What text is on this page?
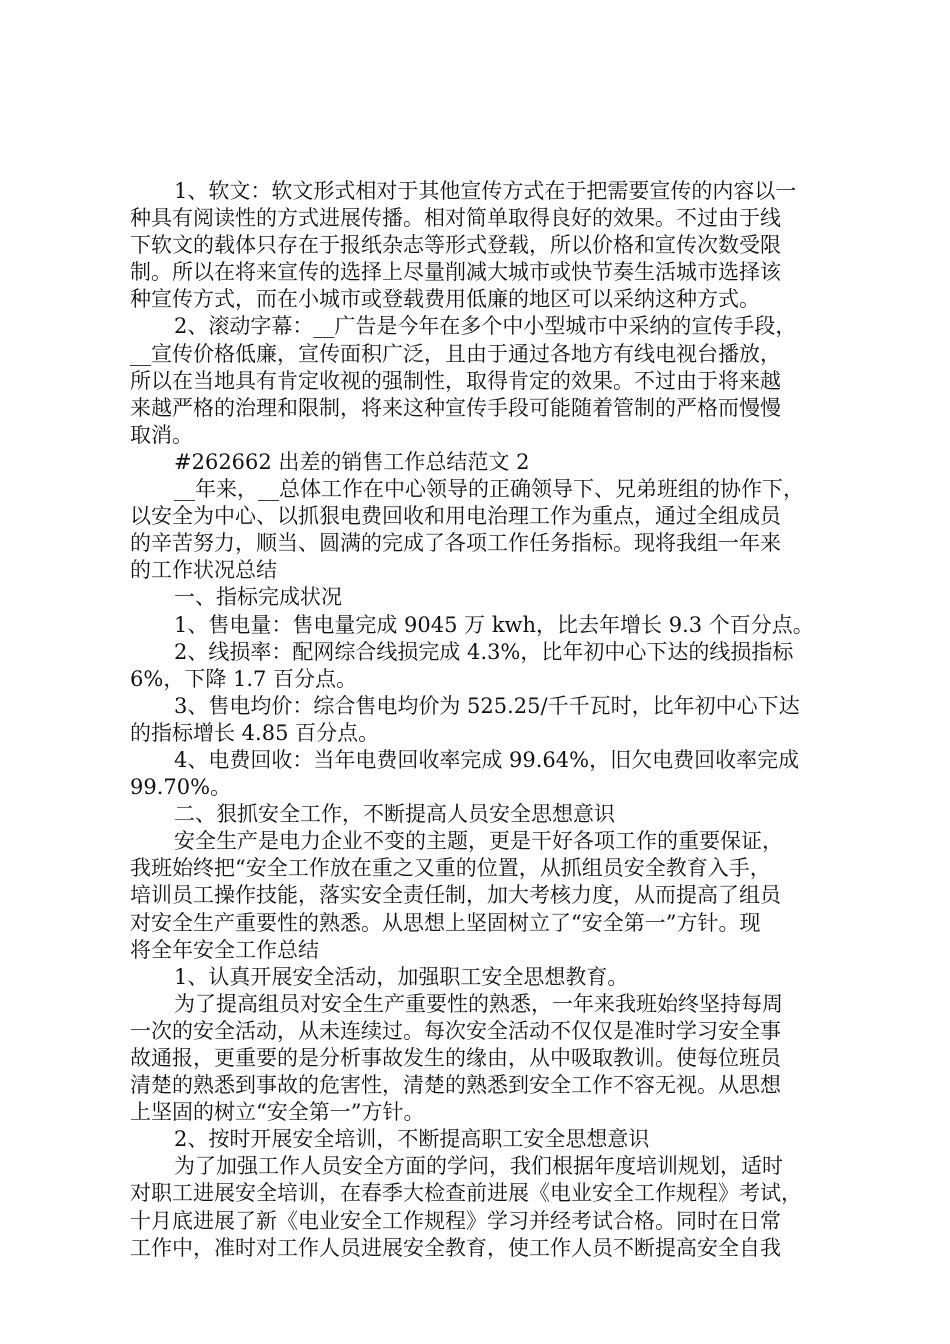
1、软文：软文形式相对于其他宣传方式在于把需要宣传的内容以一
种具有阅读性的方式进展传播。相对简单取得良好的效果。不过由于线
下软文的载体只存在于报纸杂志等形式登载，所以价格和宣传次数受限
制。所以在将来宣传的选择上尽量削减大城市或快节奏生活城市选择该
种宣传方式，而在小城市或登载费用低廉的地区可以采纳这种方式。
2、滚动字幕：__广告是今年在多个中小型城市中采纳的宣传手段，
__宣传价格低廉，宣传面积广泛，且由于通过各地方有线电视台播放，
所以在当地具有肯定收视的强制性，取得肯定的效果。不过由于将来越
来越严格的治理和限制，将来这种宣传手段可能随着管制的严格而慢慢
取消。
#262662 出差的销售工作总结范文 2
__年来，__总体工作在中心领导的正确领导下、兄弟班组的协作下，
以安全为中心、以抓狠电费回收和用电治理工作为重点，通过全组成员
的辛苦努力，顺当、圆满的完成了各项工作任务指标。现将我组一年来
的工作状况总结
一、指标完成状况
1、售电量：售电量完成 9045 万 kwh，比去年增长 9.3 个百分点。
2、线损率：配网综合线损完成 4.3%，比年初中心下达的线损指标
6%，下降 1.7 百分点。
3、售电均价：综合售电均价为 525.25/千千瓦时，比年初中心下达
的指标增长 4.85 百分点。
4、电费回收：当年电费回收率完成 99.64%，旧欠电费回收率完成
99.70%。
二、狠抓安全工作，不断提高人员安全思想意识
安全生产是电力企业不变的主题，更是干好各项工作的重要保证，
我班始终把“安全工作放在重之又重的位置，从抓组员安全教育入手，
培训员工操作技能，落实安全责任制，加大考核力度，从而提高了组员
对安全生产重要性的熟悉。从思想上坚固树立了“安全第一”方针。现
将全年安全工作总结
1、认真开展安全活动，加强职工安全思想教育。
为了提高组员对安全生产重要性的熟悉，一年来我班始终坚持每周
一次的安全活动，从未连续过。每次安全活动不仅仅是准时学习安全事
故通报，更重要的是分析事故发生的缘由，从中吸取教训。使每位班员
清楚的熟悉到事故的危害性，清楚的熟悉到安全工作不容无视。从思想
上坚固的树立“安全第一”方针。
2、按时开展安全培训，不断提高职工安全思想意识
为了加强工作人员安全方面的学问，我们根据年度培训规划，适时
对职工进展安全培训，在春季大检查前进展《电业安全工作规程》考试，
十月底进展了新《电业安全工作规程》学习并经考试合格。同时在日常
工作中，准时对工作人员进展安全教育，使工作人员不断提高安全自我
